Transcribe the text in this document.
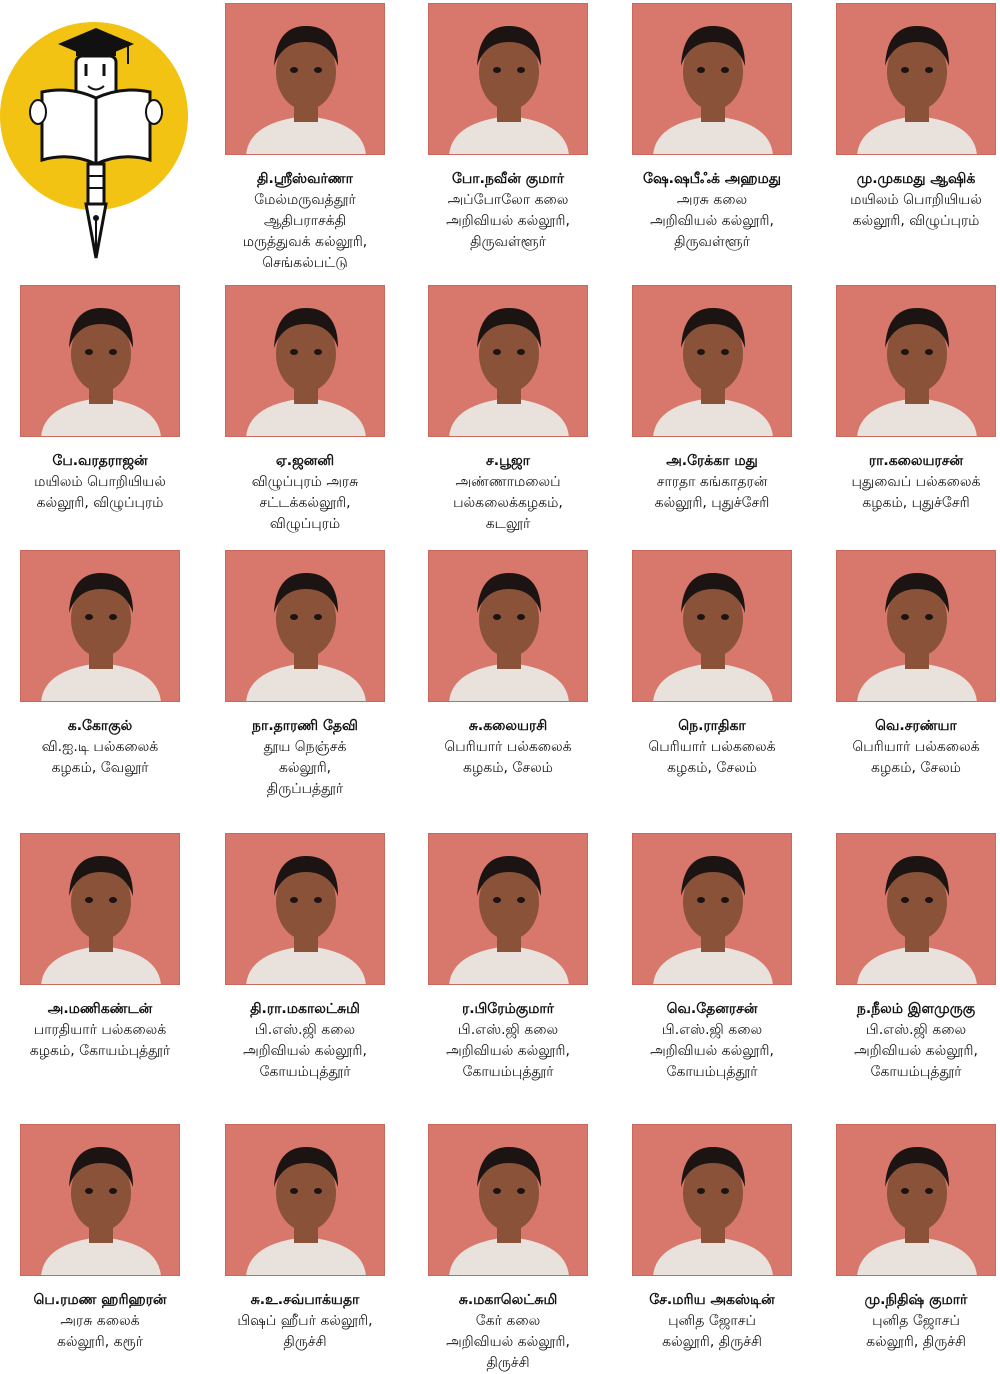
தி.ஸ்ரீஸ்வர்ணா
மேல்மருவத்தூர்
ஆதிபராசக்தி
மருத்துவக் கல்லூரி,
செங்கல்பட்டு
போ.நவீன் குமார்
அப்போலோ கலை
அறிவியல் கல்லூரி,
திருவள்ளூர்
ஷே.ஷபீஃக் அஹமது
அரசு கலை
அறிவியல் கல்லூரி,
திருவள்ளூர்
மு.முகமது ஆஷிக்
மயிலம் பொறியியல்
கல்லூரி, விழுப்புரம்
பே.வரதராஜன்
மயிலம் பொறியியல்
கல்லூரி, விழுப்புரம்
ஏ.ஜனனி
விழுப்புரம் அரசு
சட்டக்கல்லூரி,
விழுப்புரம்
ச.பூஜா
அண்ணாமலைப்
பல்கலைக்கழகம்,
கடலூர்
அ.ரேக்கா மது
சாரதா கங்காதரன்
கல்லூரி, புதுச்சேரி
ரா.கலையரசன்
புதுவைப் பல்கலைக்
கழகம், புதுச்சேரி
க.கோகுல்
வி.ஐ.டி பல்கலைக்
கழகம், வேலூர்
நா.தாரணி தேவி
தூய நெஞ்சக்
கல்லூரி,
திருப்பத்தூர்
சு.கலையரசி
பெரியார் பல்கலைக்
கழகம், சேலம்
நெ.ராதிகா
பெரியார் பல்கலைக்
கழகம், சேலம்
வெ.சரண்யா
பெரியார் பல்கலைக்
கழகம், சேலம்
அ.மணிகண்டன்
பாரதியார் பல்கலைக்
கழகம், கோயம்புத்தூர்
தி.ரா.மகாலட்சுமி
பி.எஸ்.ஜி கலை
அறிவியல் கல்லூரி,
கோயம்புத்தூர்
ர.பிரேம்குமார்
பி.எஸ்.ஜி கலை
அறிவியல் கல்லூரி,
கோயம்புத்தூர்
வெ.தேனரசன்
பி.எஸ்.ஜி கலை
அறிவியல் கல்லூரி,
கோயம்புத்தூர்
ந.நீலம் இளமுருகு
பி.எஸ்.ஜி கலை
அறிவியல் கல்லூரி,
கோயம்புத்தூர்
பெ.ரமண ஹரிஹரன்
அரசு கலைக்
கல்லூரி, கரூர்
சு.உ.சவ்பாக்யதா
பிஷப் ஹீபர் கல்லூரி,
திருச்சி
சு.மகாலெட்சுமி
கேர் கலை
அறிவியல் கல்லூரி,
திருச்சி
சே.மரிய அகஸ்டின்
புனித ஜோசப்
கல்லூரி, திருச்சி
மு.நிதிஷ் குமார்
புனித ஜோசப்
கல்லூரி, திருச்சி
